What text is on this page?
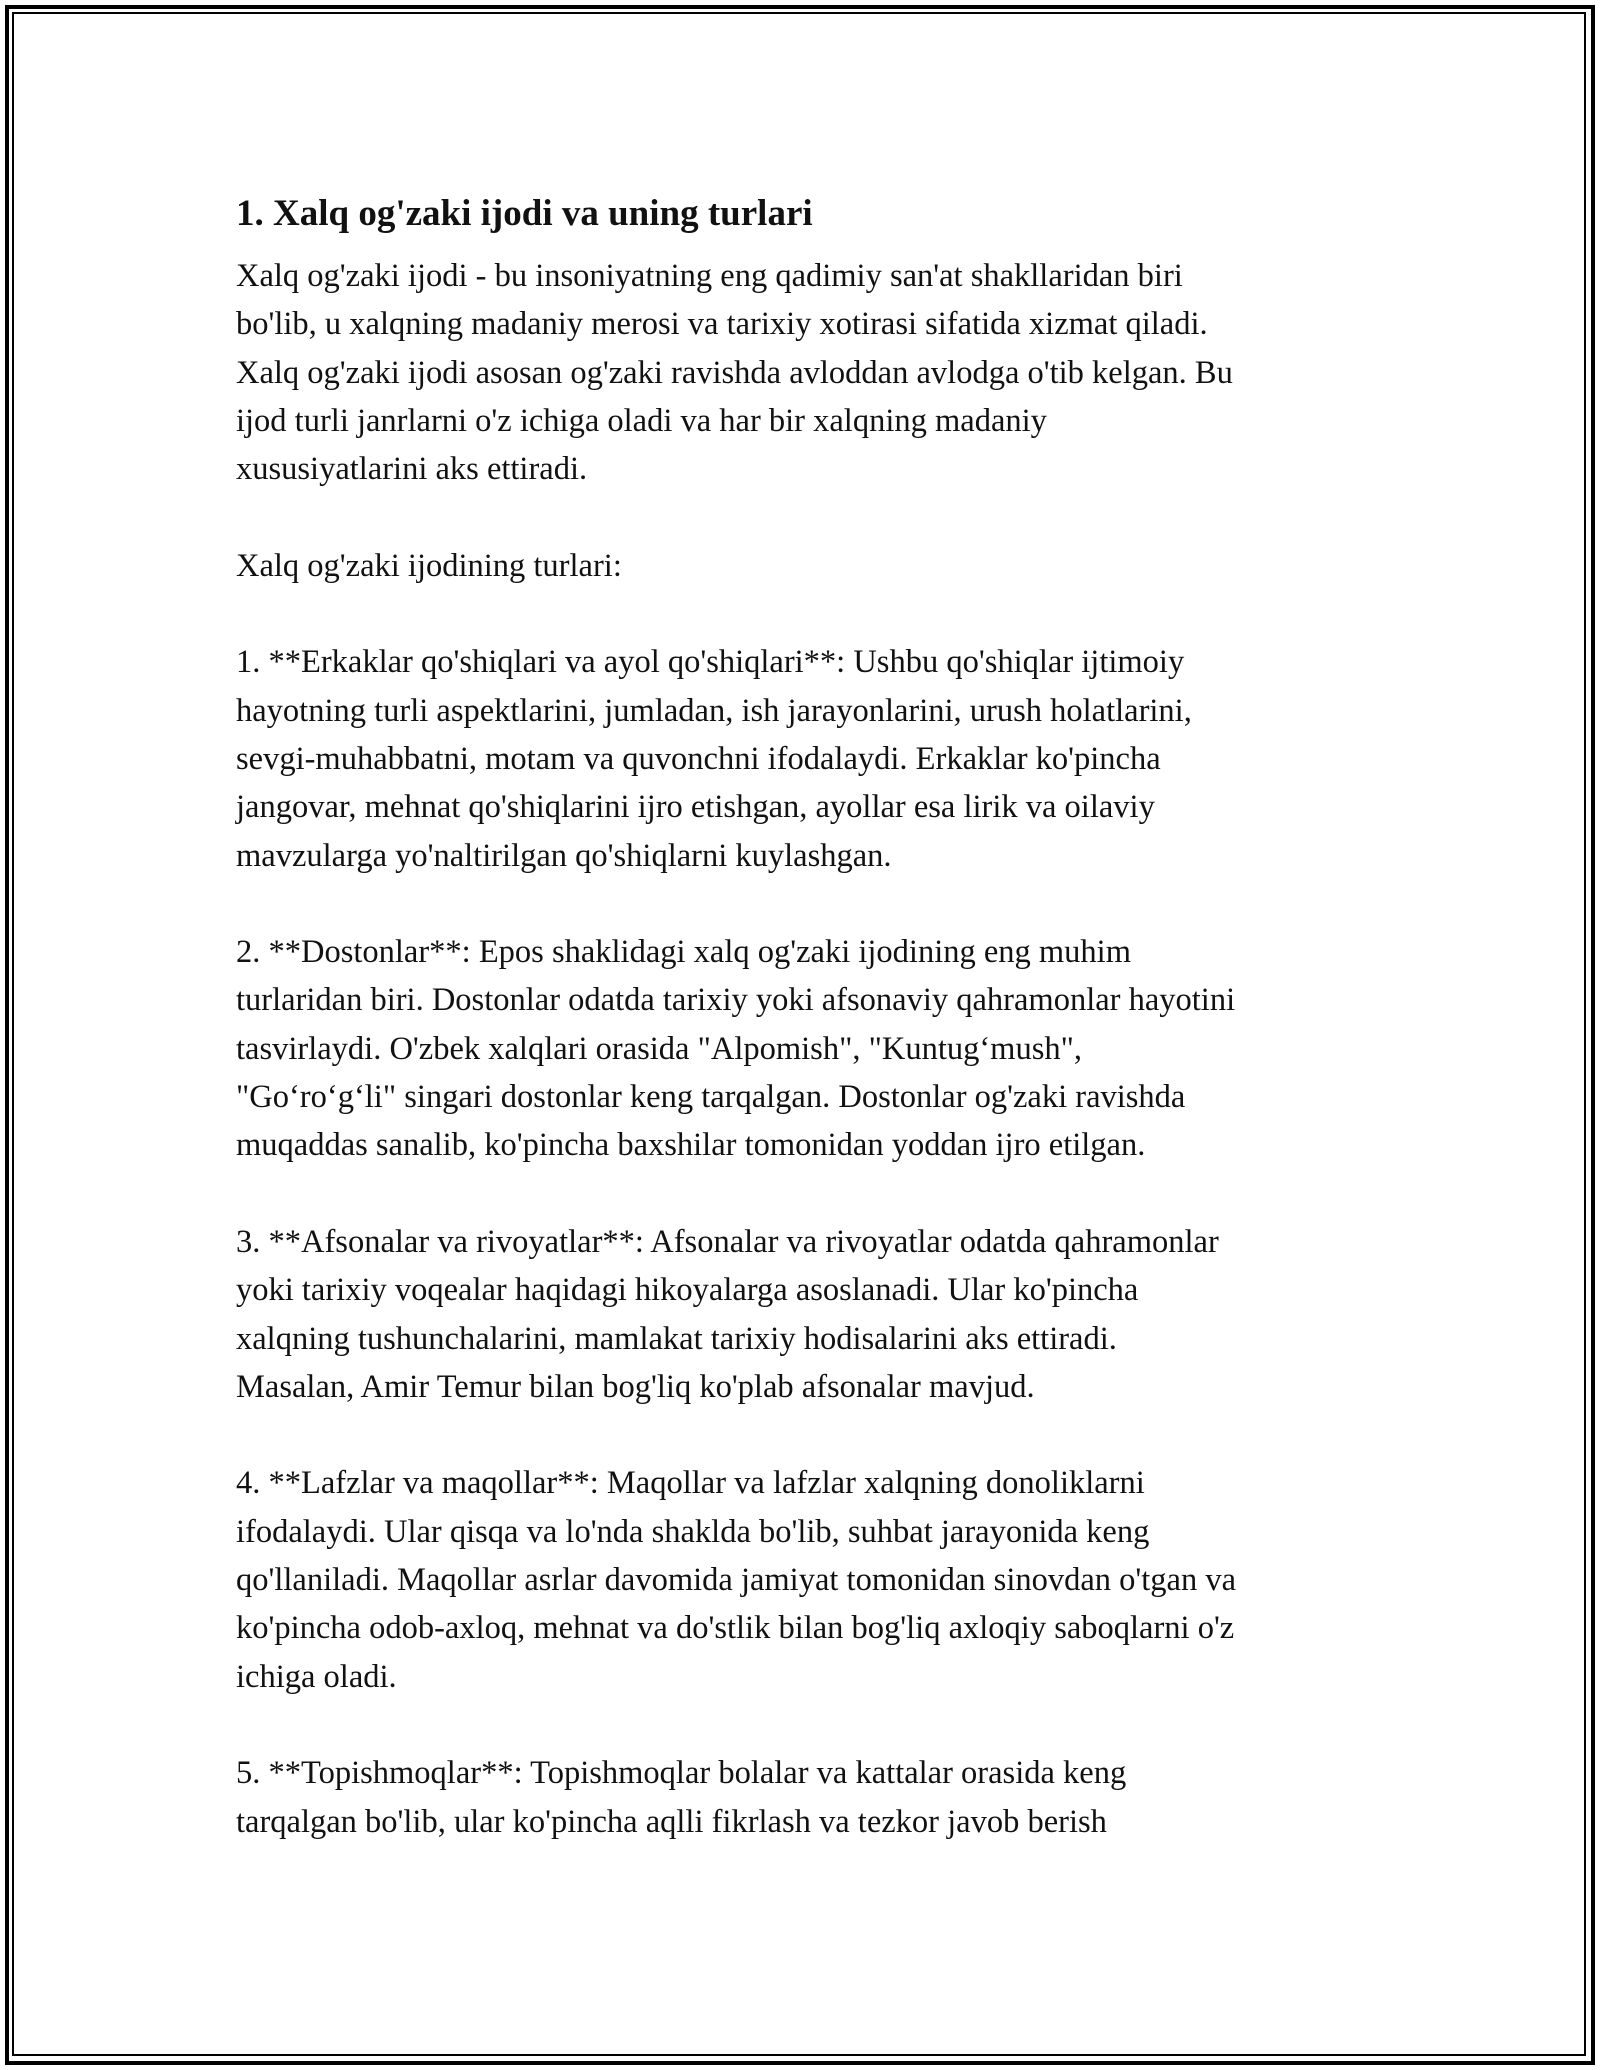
1. Xalq og'zaki ijodi va uning turlari

Xalq og'zaki ijodi - bu insoniyatning eng qadimiy san'at shakllaridan biri
bo'lib, u xalqning madaniy merosi va tarixiy xotirasi sifatida xizmat qiladi.
Xalq og'zaki ijodi asosan og'zaki ravishda avloddan avlodga o'tib kelgan. Bu
ijod turli janrlarni o'z ichiga oladi va har bir xalqning madaniy
xususiyatlarini aks ettiradi.

Xalq og'zaki ijodining turlari:

1. **Erkaklar qo'shiqlari va ayol qo'shiqlari**: Ushbu qo'shiqlar ijtimoiy
hayotning turli aspektlarini, jumladan, ish jarayonlarini, urush holatlarini,
sevgi-muhabbatni, motam va quvonchni ifodalaydi. Erkaklar ko'pincha
jangovar, mehnat qo'shiqlarini ijro etishgan, ayollar esa lirik va oilaviy
mavzularga yo'naltirilgan qo'shiqlarni kuylashgan.

2. **Dostonlar**: Epos shaklidagi xalq og'zaki ijodining eng muhim
turlaridan biri. Dostonlar odatda tarixiy yoki afsonaviy qahramonlar hayotini
tasvirlaydi. O'zbek xalqlari orasida "Alpomish", "Kuntug‘mush",
"Go‘ro‘g‘li" singari dostonlar keng tarqalgan. Dostonlar og'zaki ravishda
muqaddas sanalib, ko'pincha baxshilar tomonidan yoddan ijro etilgan.

3. **Afsonalar va rivoyatlar**: Afsonalar va rivoyatlar odatda qahramonlar
yoki tarixiy voqealar haqidagi hikoyalarga asoslanadi. Ular ko'pincha
xalqning tushunchalarini, mamlakat tarixiy hodisalarini aks ettiradi.
Masalan, Amir Temur bilan bog'liq ko'plab afsonalar mavjud.

4. **Lafzlar va maqollar**: Maqollar va lafzlar xalqning donoliklarni
ifodalaydi. Ular qisqa va lo'nda shakldа bo'lib, suhbat jarayonida keng
qo'llaniladi. Maqollar asrlar davomida jamiyat tomonidan sinovdan o'tgan va
ko'pincha odob-axloq, mehnat va do'stlik bilan bog'liq axloqiy saboqlarni o'z
ichiga oladi.

5. **Topishmoqlar**: Topishmoqlar bolalar va kattalar orasida keng
tarqalgan bo'lib, ular ko'pincha aqlli fikrlash va tezkor javob berish
